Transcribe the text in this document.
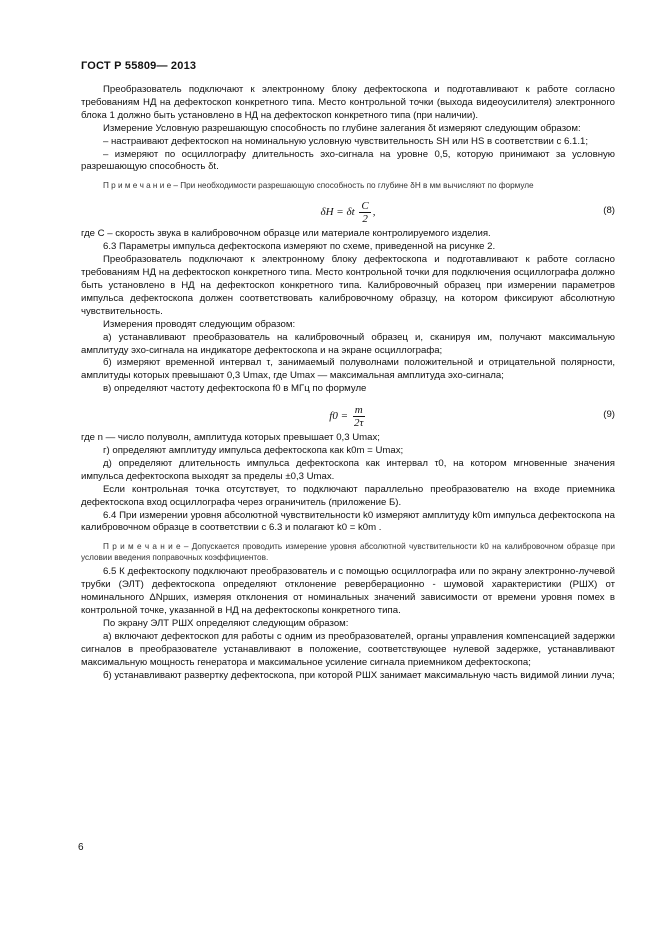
ГОСТ Р 55809— 2013

Преобразователь подключают к электронному блоку дефектоскопа и подготавливают к работе согласно требованиям НД на дефектоскоп конкретного типа. Место контрольной точки (выхода видеоусилителя) электронного блока 1 должно быть установлено в НД на дефектоскоп конкретного типа (при наличии).

Измерение Условную разрешающую способность по глубине залегания δt измеряют следующим образом:

– настраивают дефектоскоп на номинальную условную чувствительность SH или HS в соответствии с 6.1.1;

– измеряют по осциллографу длительность эхо-сигнала на уровне 0,5, которую принимают за условную разрешающую способность δt.

П р и м е ч а н и е – При необходимости разрешающую способность по глубине δH в мм вычисляют по формуле

δH = δt $\frac{C}{2}$ ,	(8)

где C – скорость звука в калибровочном образце или материале контролируемого изделия.

6.3 Параметры импульса дефектоскопа измеряют по схеме, приведенной на рисунке 2.

Преобразователь подключают к электронному блоку дефектоскопа и подготавливают к работе согласно требованиям НД на дефектоскоп конкретного типа. Место контрольной точки для подключения осциллографа должно быть установлено в НД на дефектоскоп конкретного типа. Калибровочный образец при измерении параметров импульса дефектоскопа должен соответствовать калибровочному образцу, на котором фиксируют абсолютную чувствительность.

Измерения проводят следующим образом:

а) устанавливают преобразователь на калибровочный образец и, сканируя им, получают максимальную амплитуду эхо-сигнала на индикаторе дефектоскопа и на экране осциллографа;

б) измеряют временной интервал τ, занимаемый полуволнами положительной и отрицательной полярности, амплитуды которых превышают 0,3 Umax, где Umax — максимальная амплитуда эхо-сигнала;

в) определяют частоту дефектоскопа f0 в МГц по формуле

$f0 = \frac{m}{2\tau}$	(9)

где n — число полуволн, амплитуда которых превышает 0,3 Umax;

г) определяют амплитуду импульса дефектоскопа как k0m = Umax;

д) определяют длительность импульса дефектоскопа как интервал τ0, на котором мгновенные значения импульса дефектоскопа выходят за пределы ±0,3 Umax.

Если контрольная точка отсутствует, то подключают параллельно преобразователю на входе приемника дефектоскопа вход осциллографа через ограничитель (приложение Б).

6.4 При измерении уровня абсолютной чувствительности k0 измеряют амплитуду k0m импульса дефектоскопа на калибровочном образце в соответствии с 6.3 и полагают k0 = k0m .

П р и м е ч а н и е – Допускается проводить измерение уровня абсолютной чувствительности k0 на калибровочном образце при условии введения поправочных коэффициентов.

6.5 К дефектоскопу подключают преобразователь и с помощью осциллографа или по экрану электронно-лучевой трубки (ЭЛТ) дефектоскопа определяют отклонение реверберационно - шумовой характеристики (РШХ) от номинального ΔNрших, измеряя отклонения от номинальных значений зависимости от времени уровня помех в контрольной точке, указанной в НД на дефектоскопы конкретного типа.

По экрану ЭЛТ РШХ определяют следующим образом:

а) включают дефектоскоп для работы с одним из преобразователей, органы управления компенсацией задержки сигналов в преобразователе устанавливают в положение, соответствующее нулевой задержке, устанавливают максимальную мощность генератора и максимальное усиление сигнала приемником дефектоскопа;

б) устанавливают развертку дефектоскопа, при которой РШХ занимает максимальную часть видимой линии луча;

6
